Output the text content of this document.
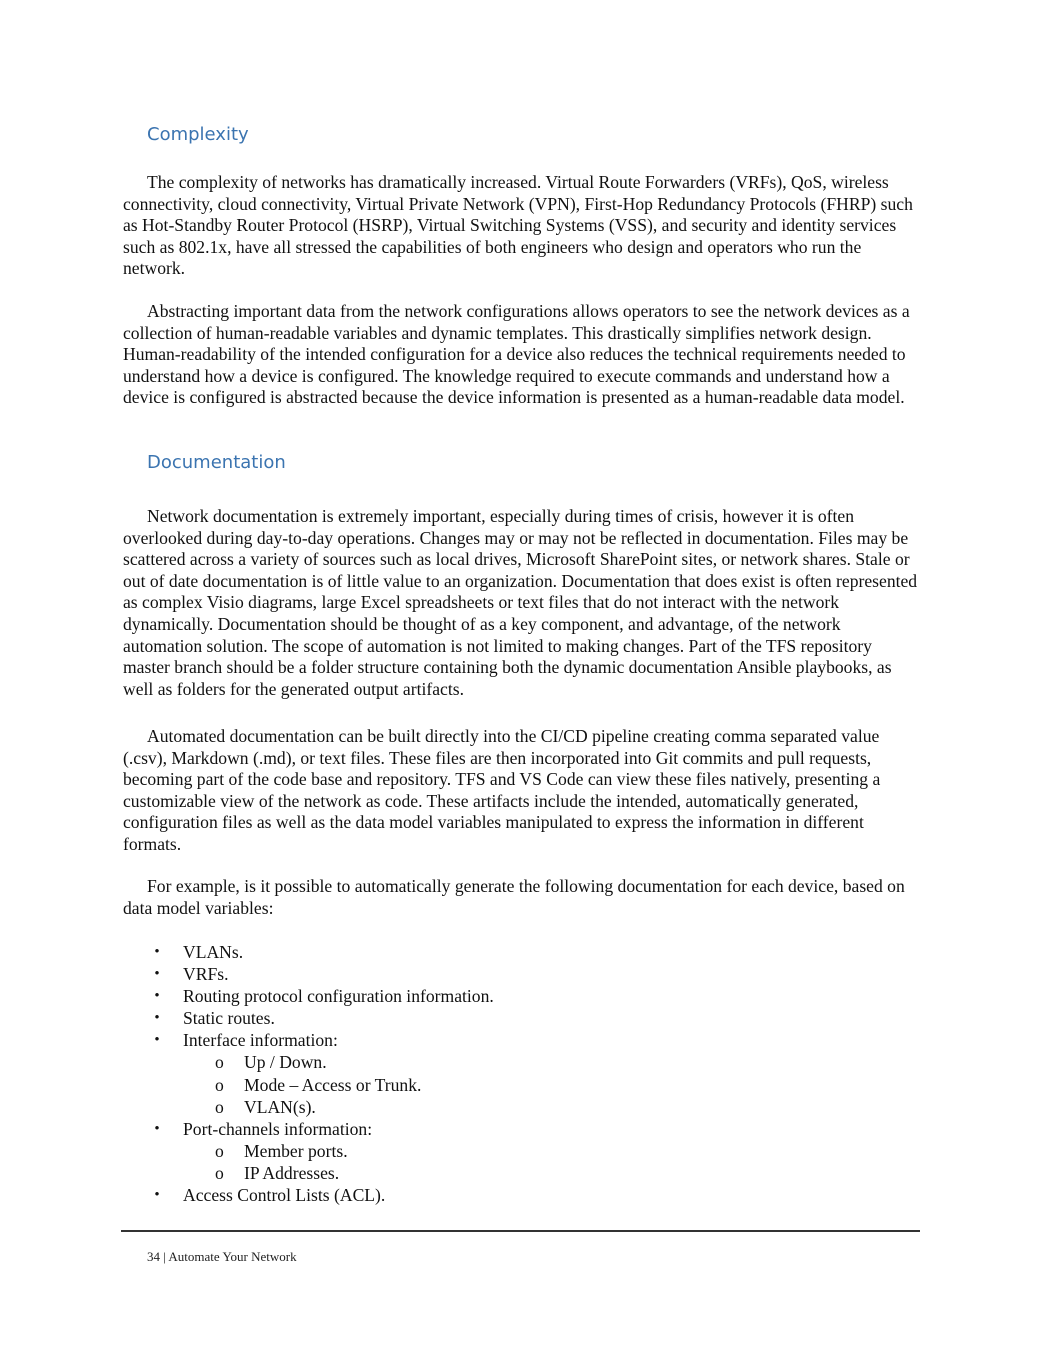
Complexity

The complexity of networks has dramatically increased. Virtual Route Forwarders (VRFs), QoS, wireless connectivity, cloud connectivity, Virtual Private Network (VPN), First-Hop Redundancy Protocols (FHRP) such as Hot-Standby Router Protocol (HSRP), Virtual Switching Systems (VSS), and security and identity services such as 802.1x, have all stressed the capabilities of both engineers who design and operators who run the network.

Abstracting important data from the network configurations allows operators to see the network devices as a collection of human-readable variables and dynamic templates. This drastically simplifies network design. Human-readability of the intended configuration for a device also reduces the technical requirements needed to understand how a device is configured. The knowledge required to execute commands and understand how a device is configured is abstracted because the device information is presented as a human-readable data model.

Documentation

Network documentation is extremely important, especially during times of crisis, however it is often overlooked during day-to-day operations. Changes may or may not be reflected in documentation. Files may be scattered across a variety of sources such as local drives, Microsoft SharePoint sites, or network shares. Stale or out of date documentation is of little value to an organization. Documentation that does exist is often represented as complex Visio diagrams, large Excel spreadsheets or text files that do not interact with the network dynamically. Documentation should be thought of as a key component, and advantage, of the network automation solution. The scope of automation is not limited to making changes. Part of the TFS repository master branch should be a folder structure containing both the dynamic documentation Ansible playbooks, as well as folders for the generated output artifacts.

Automated documentation can be built directly into the CI/CD pipeline creating comma separated value (.csv), Markdown (.md), or text files. These files are then incorporated into Git commits and pull requests, becoming part of the code base and repository. TFS and VS Code can view these files natively, presenting a customizable view of the network as code. These artifacts include the intended, automatically generated, configuration files as well as the data model variables manipulated to express the information in different formats.

For example, is it possible to automatically generate the following documentation for each device, based on data model variables:

• VLANs.
• VRFs.
• Routing protocol configuration information.
• Static routes.
• Interface information:
o Up / Down.
o Mode – Access or Trunk.
o VLAN(s).
• Port-channels information:
o Member ports.
o IP Addresses.
• Access Control Lists (ACL).
34 | Automate Your Network
